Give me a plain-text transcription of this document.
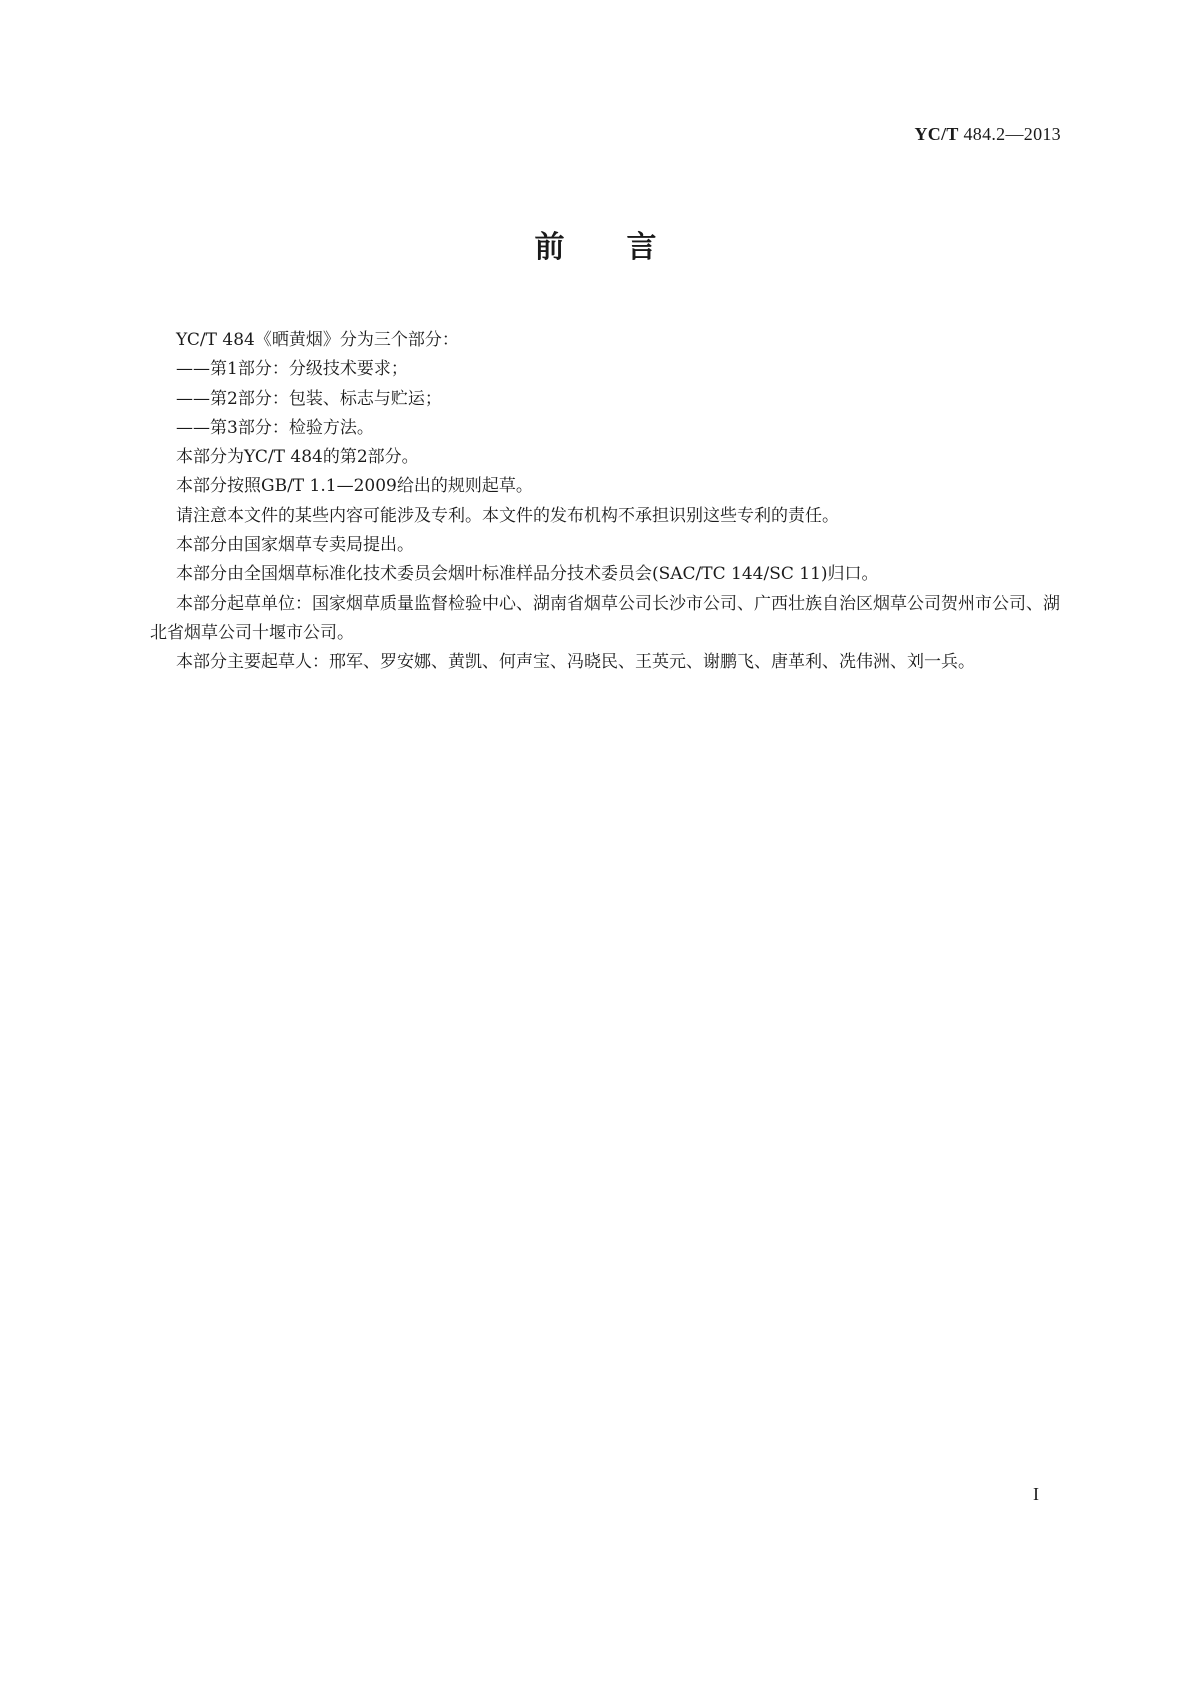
YC/T 484.2—2013
前言

YC/T 484《晒黄烟》分为三个部分：

——第1部分：分级技术要求；

——第2部分：包装、标志与贮运；

——第3部分：检验方法。

本部分为YC/T 484的第2部分。

本部分按照GB/T 1.1—2009给出的规则起草。

请注意本文件的某些内容可能涉及专利。本文件的发布机构不承担识别这些专利的责任。

本部分由国家烟草专卖局提出。

本部分由全国烟草标准化技术委员会烟叶标准样品分技术委员会(SAC/TC 144/SC 11)归口。

本部分起草单位：国家烟草质量监督检验中心、湖南省烟草公司长沙市公司、广西壮族自治区烟草公司贺州市公司、湖北省烟草公司十堰市公司。

本部分主要起草人：邢军、罗安娜、黄凯、何声宝、冯晓民、王英元、谢鹏飞、唐革利、冼伟洲、刘一兵。

I
